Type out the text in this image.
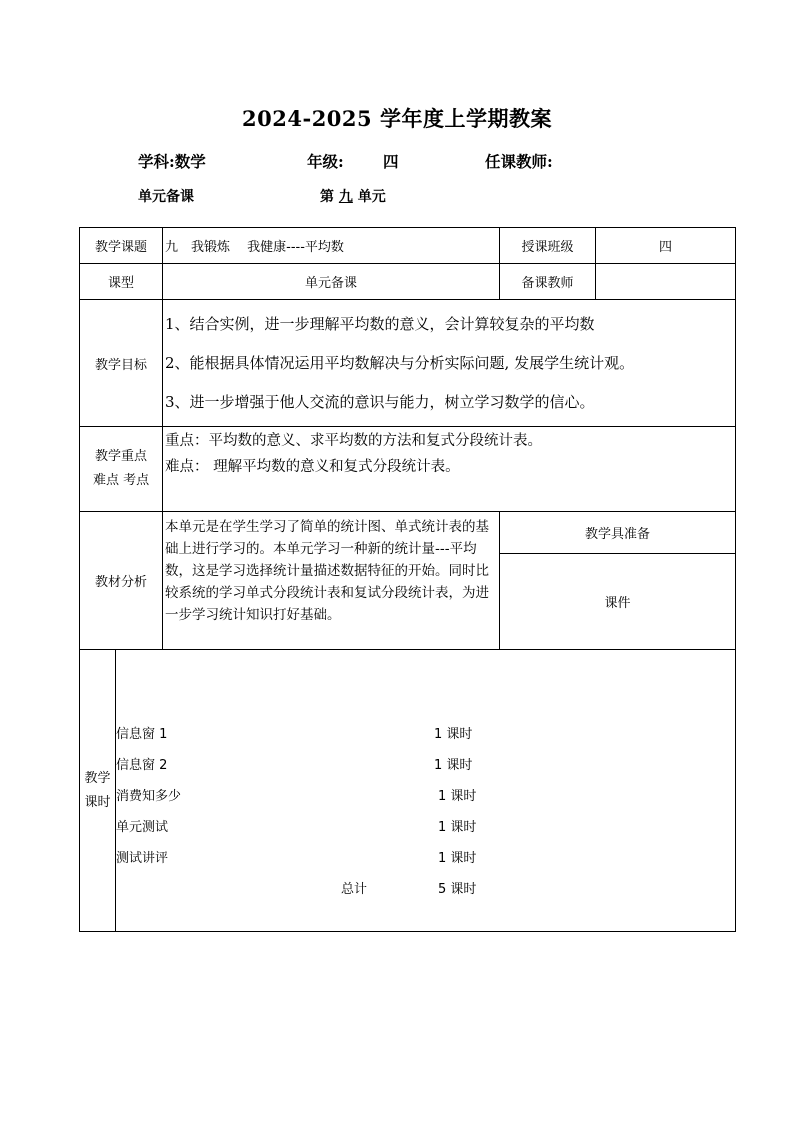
2024-2025 学年度上学期教案
学科:数学	年级:	四	任课教师:
单元备课	第 九 单元
教学课题	九　我锻炼　 我健康----平均数	授课班级	四
课型	单元备课	备课教师	
教学目标	
1、结合实例，进一步理解平均数的意义，会计算较复杂的平均数
2、能根据具体情况运用平均数解决与分析实际问题, 发展学生统计观。
3、进一步增强于他人交流的意识与能力，树立学习数学的信心。

教学重点
难点 考点

重点：平均数的意义、求平均数的方法和复式分段统计表。
难点： 理解平均数的意义和复式分段统计表。

教材分析	
本单元是在学生学习了简单的统计图、单式统计表的基础上进行学习的。本单元学习一种新的统计量---平均数，这是学习选择统计量描述数据特征的开始。同时比较系统的学习单式分段统计表和复试分段统计表，为进一步学习统计知识打好基础。

教学具准备
课件

教学
课时

信息窗 1	1 课时
信息窗 2	1 课时
消费知多少	1 课时
单元测试	1 课时
测试讲评	1 课时
总计	5 课时
